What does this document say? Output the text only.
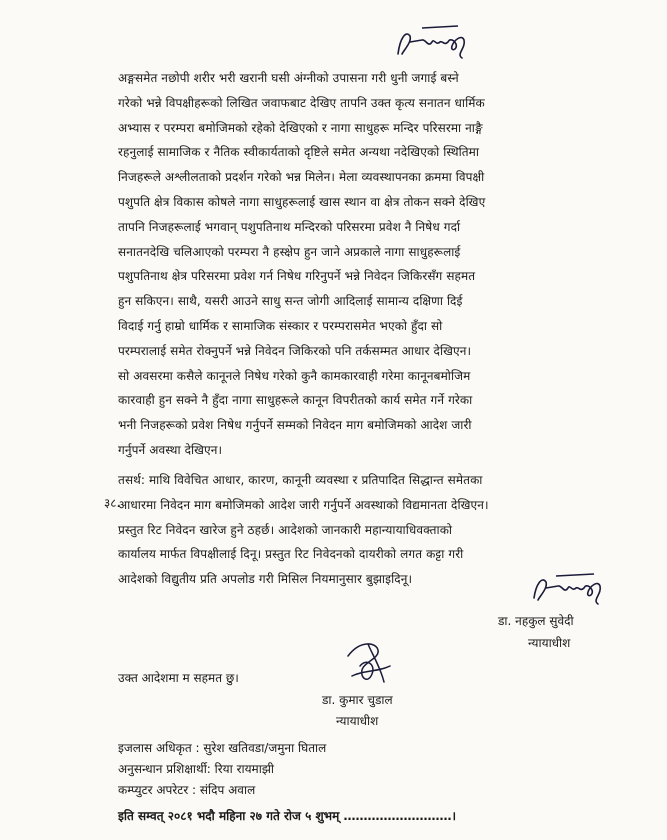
अङ्गसमेत नछोपी शरीर भरी खरानी घसी अंग्नीको उपासना गरी धुनी जगाई बस्ने
गरेको भन्ने विपक्षीहरूको लिखित जवाफबाट देखिए तापनि उक्त कृत्य सनातन धार्मिक
अभ्यास र परम्परा बमोजिमको रहेको देखिएको र नागा साधुहरू मन्दिर परिसरमा नाङ्गै
रहनुलाई सामाजिक र नैतिक स्वीकार्यताको दृष्टिले समेत अन्यथा नदेखिएको स्थितिमा
निजहरूले अश्लीलताको प्रदर्शन गरेको भन्न मिलेन। मेला व्यवस्थापनका क्रममा विपक्षी
पशुपति क्षेत्र विकास कोषले नागा साधुहरूलाई खास स्थान वा क्षेत्र तोकन सक्ने देखिए
तापनि निजहरूलाई भगवान् पशुपतिनाथ मन्दिरको परिसरमा प्रवेश नै निषेध गर्दा
सनातनदेखि चलिआएको परम्परा नै हस्क्षेप हुन जाने अप्रकाले नागा साधुहरूलाई
पशुपतिनाथ क्षेत्र परिसरमा प्रवेश गर्न निषेध गरिनुपर्ने भन्ने निवेदन जिकिरसँग सहमत
हुन सकिएन। साथै, यसरी आउने साधु सन्त जोगी आदिलाई सामान्य दक्षिणा दिई
विदाई गर्नु हाम्रो धार्मिक र सामाजिक संस्कार र परम्परासमेत भएको हुँदा सो
परम्परालाई समेत रोक्नुपर्ने भन्ने निवेदन जिकिरको पनि तर्कसम्मत आधार देखिएन।
सो अवसरमा कसैले कानूनले निषेध गरेको कुनै कामकारवाही गरेमा कानूनबमोजिम
कारवाही हुन सक्ने नै हुँदा नागा साधुहरूले कानून विपरीतको कार्य समेत गर्ने गरेका
भनी निजहरूको प्रवेश निषेध गर्नुपर्ने सम्मको निवेदन माग बमोजिमको आदेश जारी
गर्नुपर्ने अवस्था देखिएन।
३८.
तसर्थ: माथि विवेचित आधार, कारण, कानूनी व्यवस्था र प्रतिपादित सिद्धान्त समेतका
आधारमा निवेदन माग बमोजिमको आदेश जारी गर्नुपर्ने अवस्थाको विद्यमानता देखिएन।
प्रस्तुत रिट निवेदन खारेज हुने ठहर्छ। आदेशको जानकारी महान्यायाधिवक्ताको
कार्यालय मार्फत विपक्षीलाई दिनू। प्रस्तुत रिट निवेदनको दायरीको लगत कट्टा गरी
आदेशको विद्युतीय प्रति अपलोड गरी मिसिल नियमानुसार बुझाइदिनू।
डा. नहकुल सुवेदी
न्यायाधीश
उक्त आदेशमा म सहमत छु।
डा. कुमार चुडाल
न्यायाधीश
इजलास अधिकृत : सुरेश खतिवडा/जमुना घिताल
अनुसन्धान प्रशिक्षार्थी: रिया रायमाझी
कम्प्युटर अपरेटर : संदिप अवाल
इति सम्वत् २०८१ भदौ महिना २७ गते रोज ५ शुभम् ………………………।
